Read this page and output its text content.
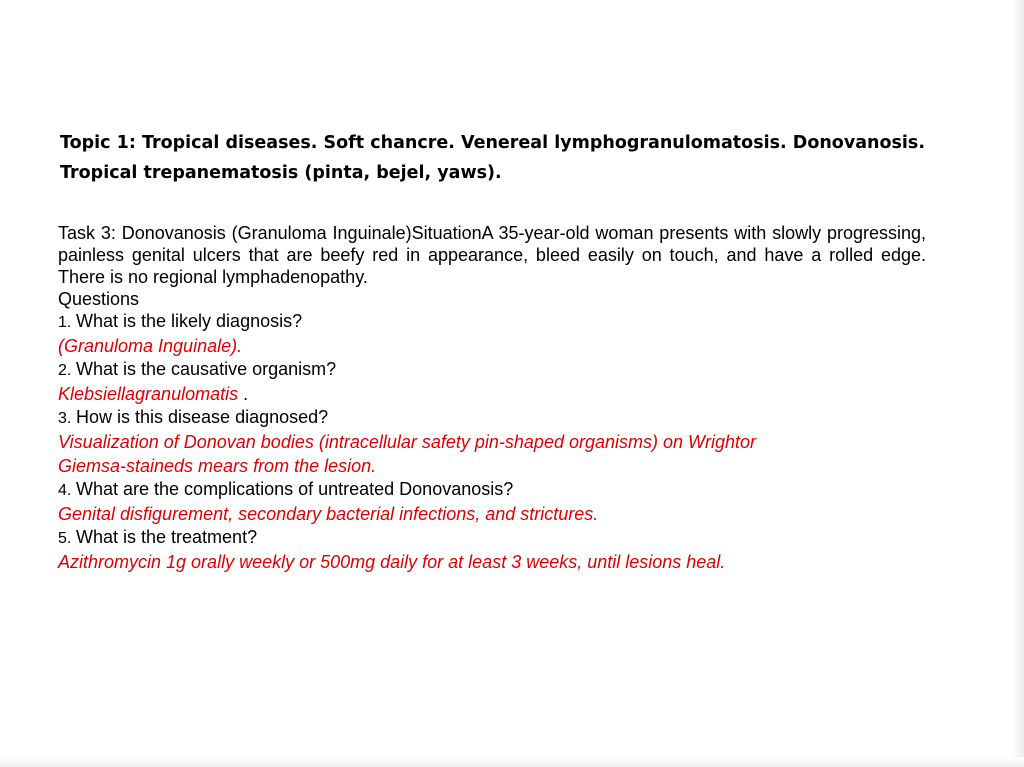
Topic 1: Tropical diseases. Soft chancre. Venereal lymphogranulomatosis. Donovanosis. Tropical trepanematosis (pinta, bejel, yaws).

Task 3: Donovanosis (Granuloma Inguinale)SituationA 35-year-old woman presents with slowly progressing, painless genital ulcers that are beefy red in appearance, bleed easily on touch, and have a rolled edge. There is no regional lymphadenopathy.

Questions

1. What is the likely diagnosis?

(Granuloma Inguinale).

2. What is the causative organism?

Klebsiellagranulomatis .

3. How is this disease diagnosed?

Visualization of Donovan bodies (intracellular safety pin-shaped organisms) on Wrightor

Giemsa-staineds mears from the lesion.

4. What are the complications of untreated Donovanosis?

Genital disfigurement, secondary bacterial infections, and strictures.

5. What is the treatment?

Azithromycin 1g orally weekly or 500mg daily for at least 3 weeks, until lesions heal.
